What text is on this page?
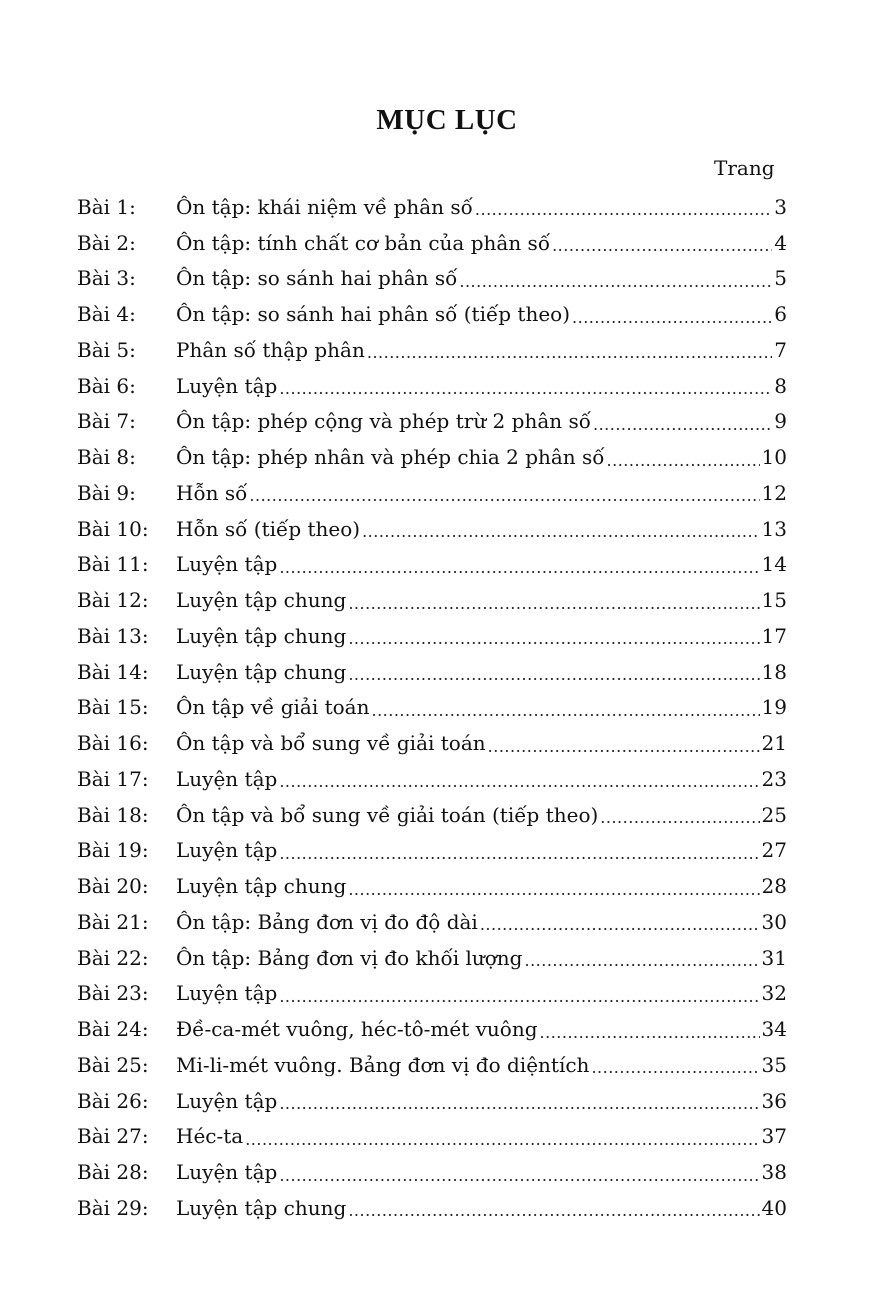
MỤC LỤC
Trang
Bài 1:	Ôn tập: khái niệm về phân số .....	3
Bài 2:	Ôn tập: tính chất cơ bản của phân số .....	4
Bài 3:	Ôn tập: so sánh hai phân số .....	5
Bài 4:	Ôn tập: so sánh hai phân số (tiếp theo) .....	6
Bài 5:	Phân số thập phân .....	7
Bài 6:	Luyện tập .....	8
Bài 7:	Ôn tập: phép cộng và phép trừ 2 phân số .....	9
Bài 8:	Ôn tập: phép nhân và phép chia 2 phân số .....	10
Bài 9:	Hỗn số .....	12
Bài 10:	Hỗn số (tiếp theo) .....	13
Bài 11:	Luyện tập .....	14
Bài 12:	Luyện tập chung .....	15
Bài 13:	Luyện tập chung .....	17
Bài 14:	Luyện tập chung .....	18
Bài 15:	Ôn tập về giải toán .....	19
Bài 16:	Ôn tập và bổ sung về giải toán .....	21
Bài 17:	Luyện tập .....	23
Bài 18:	Ôn tập và bổ sung về giải toán (tiếp theo) .....	25
Bài 19:	Luyện tập .....	27
Bài 20:	Luyện tập chung .....	28
Bài 21:	Ôn tập: Bảng đơn vị đo độ dài .....	30
Bài 22:	Ôn tập: Bảng đơn vị đo khối lượng .....	31
Bài 23:	Luyện tập .....	32
Bài 24:	Đề-ca-mét vuông, héc-tô-mét vuông .....	34
Bài 25:	Mi-li-mét vuông. Bảng đơn vị đo diệntích .....	35
Bài 26:	Luyện tập .....	36
Bài 27:	Héc-ta .....	37
Bài 28:	Luyện tập .....	38
Bài 29:	Luyện tập chung .....	40
